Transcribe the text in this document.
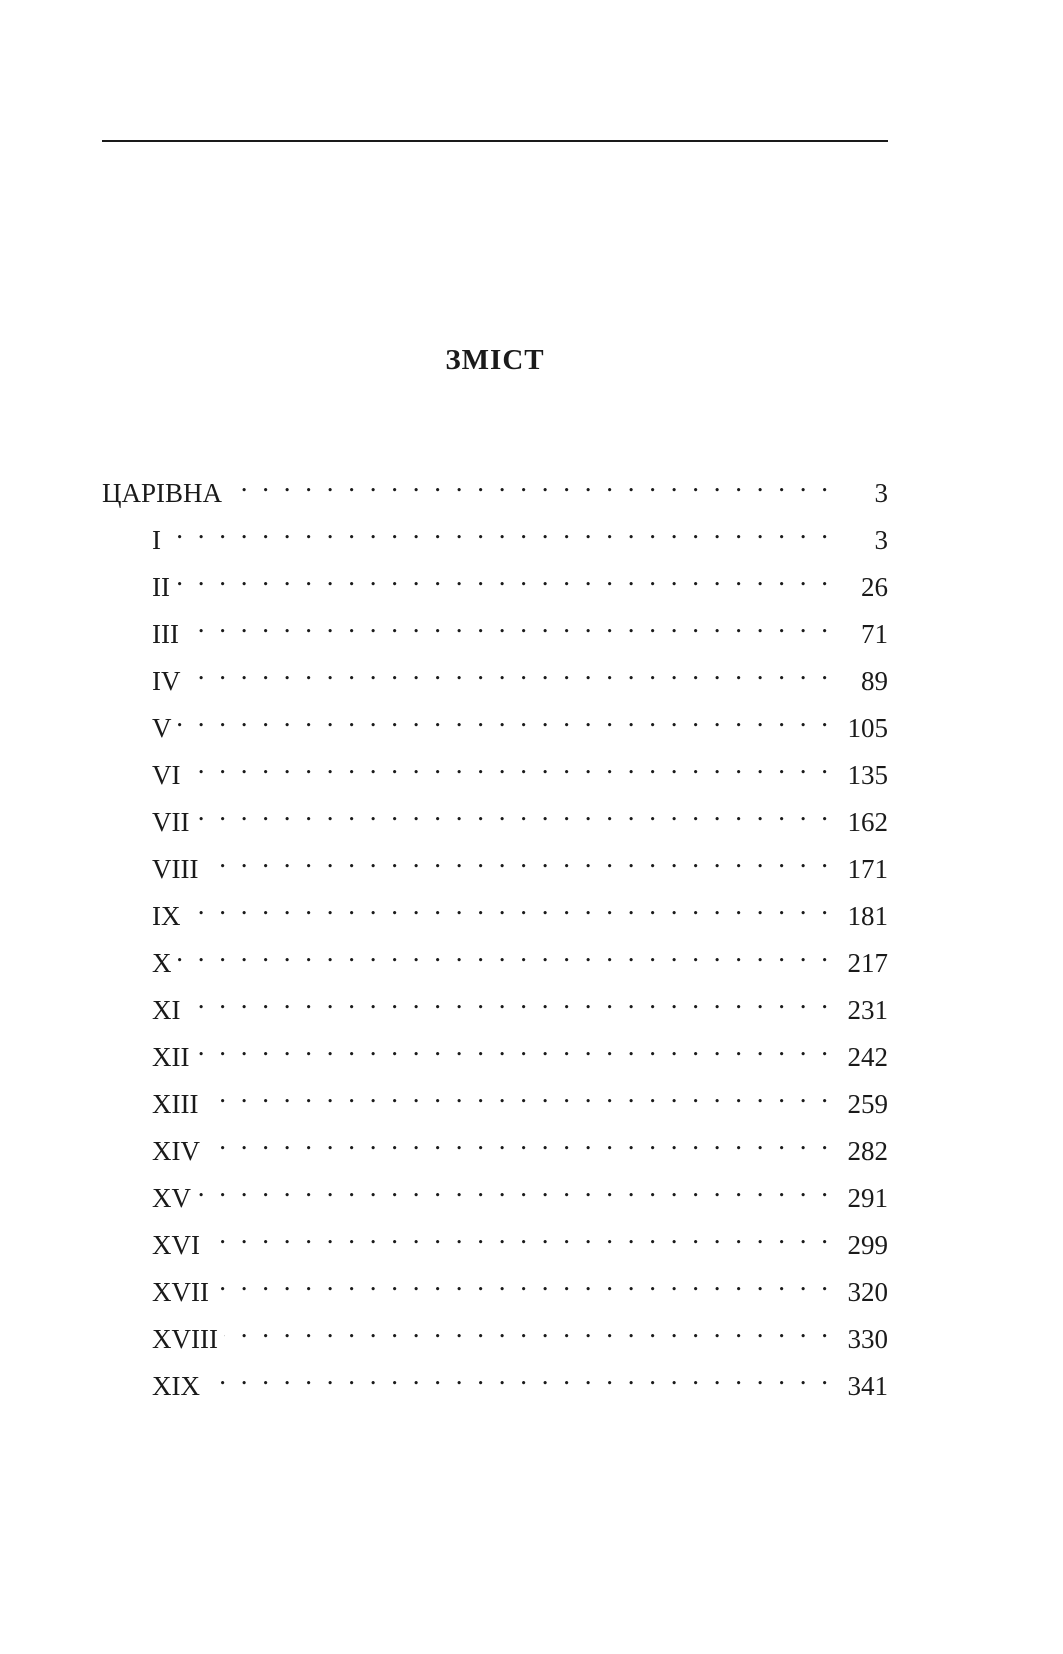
ЗМІСТ
ЦАРІВНА . . .	3
I . . .	3
II . . .	26
III . . .	71
IV . . .	89
V . . .	105
VI . . .	135
VII . . .	162
VIII . . .	171
IX . . .	181
X . . .	217
XI . . .	231
XII . . .	242
XIII . . .	259
XIV . . .	282
XV . . .	291
XVI . . .	299
XVII . . .	320
XVIII . . .	330
XIX . . .	341
